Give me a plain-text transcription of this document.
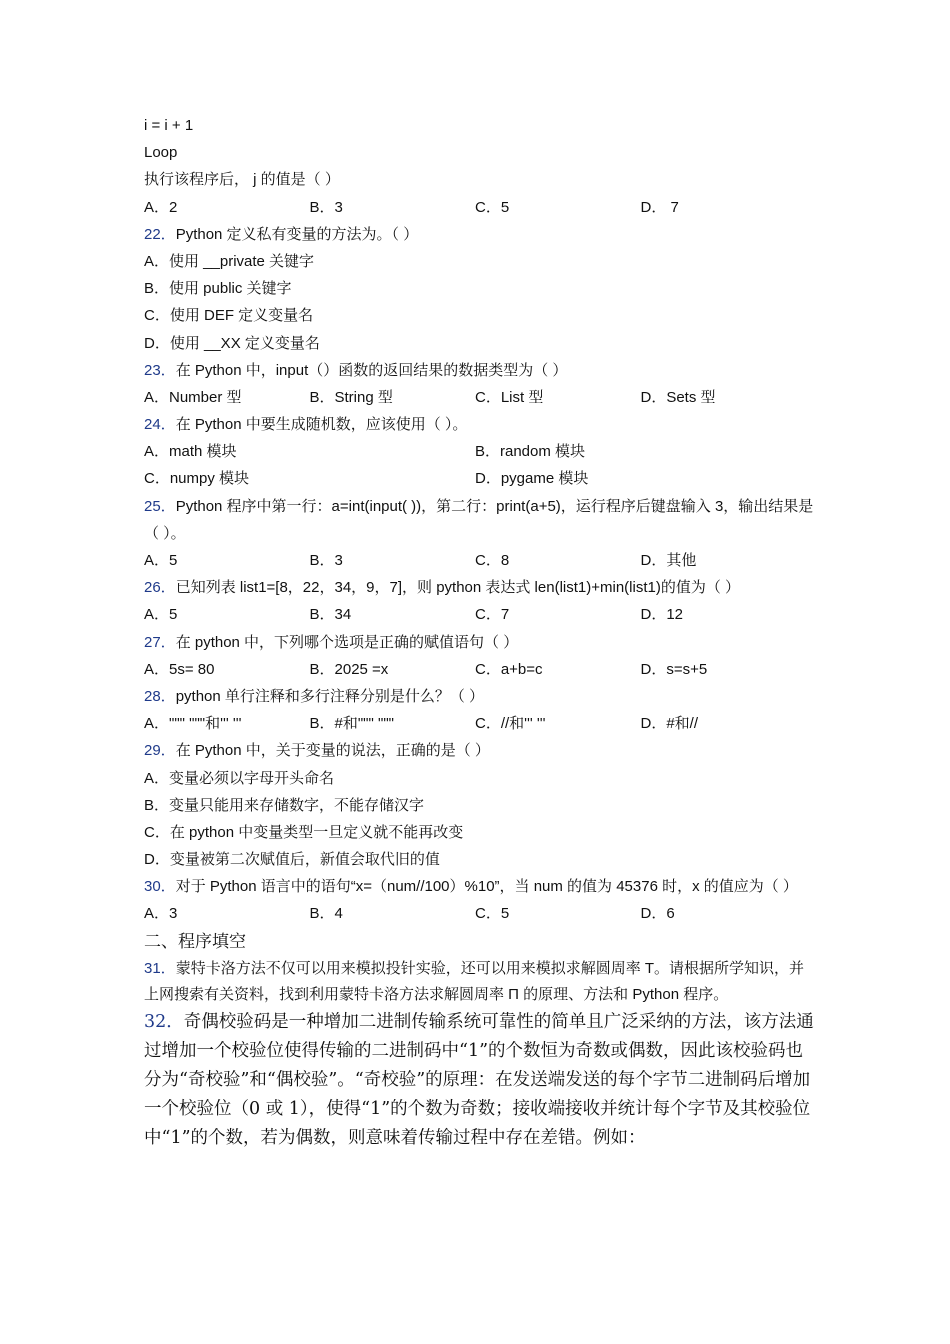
i = i + 1
Loop
执行该程序后， j 的值是（ ）
A．2	B．3	C．5	D． 7
22．Python 定义私有变量的方法为。（ ）
A．使用 __private 关键字
B．使用 public 关键字
C．使用 DEF 定义变量名
D．使用 __XX 定义变量名
23．在 Python 中，input（）函数的返回结果的数据类型为（ ）
A．Number 型	B．String 型	C．List 型	D．Sets 型
24．在 Python 中要生成随机数，应该使用（ ）。
A．math 模块	B．random 模块
C．numpy 模块	D．pygame 模块
25．Python 程序中第一行：a=int(input( ))，第二行：print(a+5)，运行程序后键盘输入 3，输出结果是（ ）。
A．5	B．3	C．8	D．其他
26．已知列表 list1=[8，22，34，9，7]，则 python 表达式 len(list1)+min(list1)的值为（ ）
A．5	B．34	C．7	D．12
27．在 python 中，下列哪个选项是正确的赋值语句（ ）
A．5s= 80	B．2025 =x	C．a+b=c	D．s=s+5
28．python 单行注释和多行注释分别是什么？（ ）
A．""" """和''' '''	B．#和""" """	C．//和''' '''	D．#和//
29．在 Python 中，关于变量的说法，正确的是（ ）
A．变量必须以字母开头命名
B．变量只能用来存储数字，不能存储汉字
C．在 python 中变量类型一旦定义就不能再改变
D．变量被第二次赋值后，新值会取代旧的值
30．对于 Python 语言中的语句“x=（num//100）%10”，当 num 的值为 45376 时，x 的值应为（ ）
A．3	B．4	C．5	D．6
二、程序填空
31．蒙特卡洛方法不仅可以用来模拟投针实验，还可以用来模拟求解圆周率 T。请根据所学知识，并上网搜索有关资料，找到利用蒙特卡洛方法求解圆周率 Π 的原理、方法和 Python 程序。
32．奇偶校验码是一种增加二进制传输系统可靠性的简单且广泛采纳的方法，该方法通过增加一个校验位使得传输的二进制码中“1”的个数恒为奇数或偶数，因此该校验码也分为“奇校验”和“偶校验”。“奇校验”的原理：在发送端发送的每个字节二进制码后增加一个校验位（0 或 1），使得“1”的个数为奇数；接收端接收并统计每个字节及其校验位中“1”的个数，若为偶数，则意味着传输过程中存在差错。例如：
